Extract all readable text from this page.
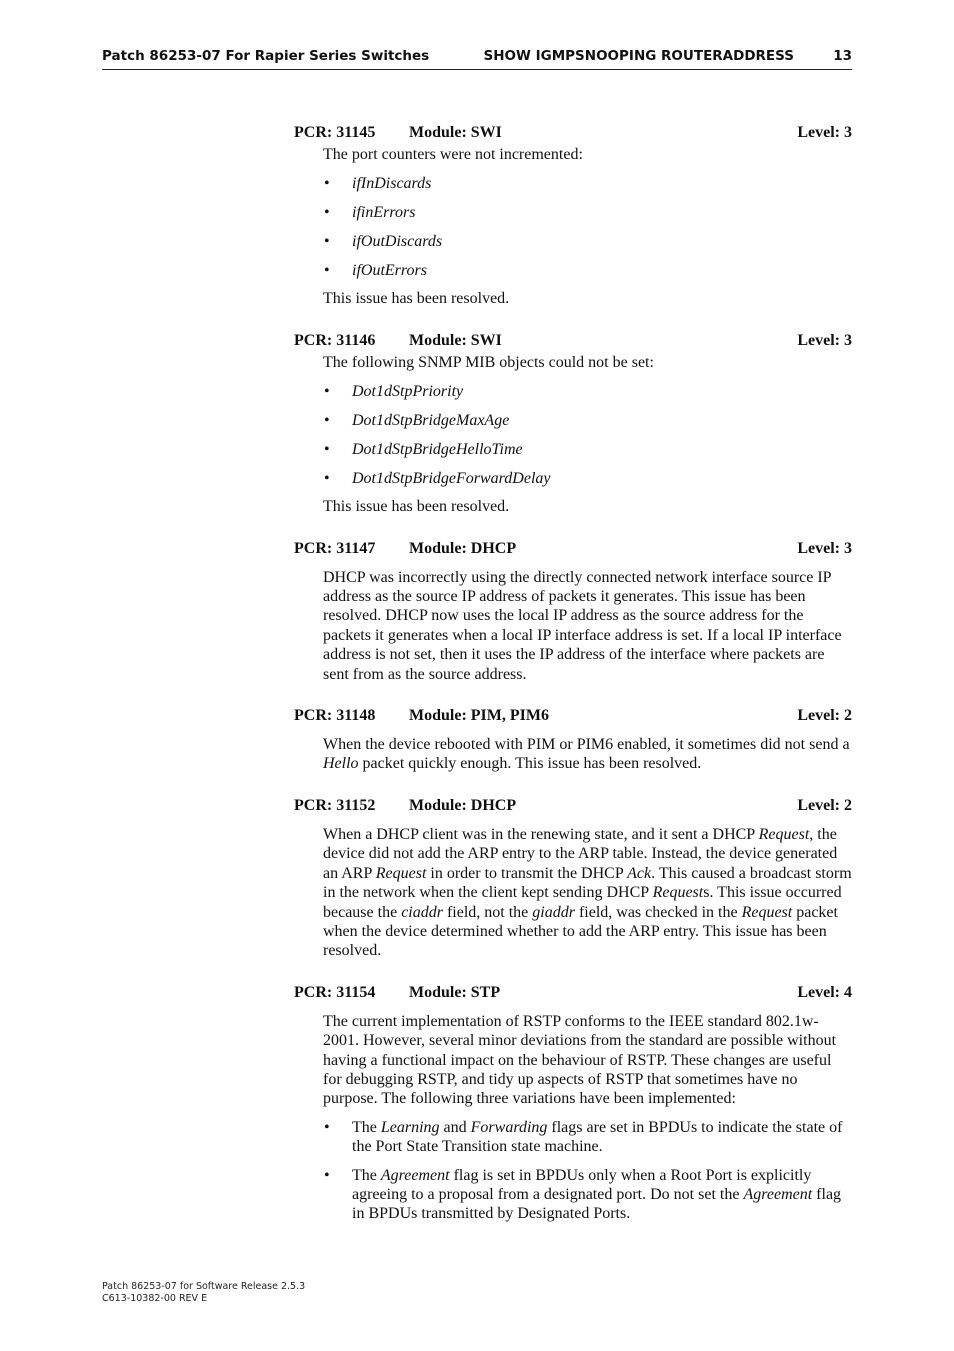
Patch 86253-07 For Rapier Series Switches	SHOW IGMPSNOOPING ROUTERADDRESS	13
PCR: 31145 Module: SWI	Level: 3

The port counters were not incremented:

• ifInDiscards
• ifinErrors
• ifOutDiscards
• ifOutErrors

This issue has been resolved.

PCR: 31146 Module: SWI	Level: 3

The following SNMP MIB objects could not be set:

• Dot1dStpPriority
• Dot1dStpBridgeMaxAge
• Dot1dStpBridgeHelloTime
• Dot1dStpBridgeForwardDelay

This issue has been resolved.

PCR: 31147 Module: DHCP	Level: 3

DHCP was incorrectly using the directly connected network interface source IP address as the source IP address of packets it generates. This issue has been resolved. DHCP now uses the local IP address as the source address for the packets it generates when a local IP interface address is set. If a local IP interface address is not set, then it uses the IP address of the interface where packets are sent from as the source address.

PCR: 31148 Module: PIM, PIM6	Level: 2

When the device rebooted with PIM or PIM6 enabled, it sometimes did not send a Hello packet quickly enough. This issue has been resolved.

PCR: 31152 Module: DHCP	Level: 2

When a DHCP client was in the renewing state, and it sent a DHCP Request, the device did not add the ARP entry to the ARP table. Instead, the device generated an ARP Request in order to transmit the DHCP Ack. This caused a broadcast storm in the network when the client kept sending DHCP Requests. This issue occurred because the ciaddr field, not the giaddr field, was checked in the Request packet when the device determined whether to add the ARP entry. This issue has been resolved.

PCR: 31154 Module: STP	Level: 4

The current implementation of RSTP conforms to the IEEE standard 802.1w-2001. However, several minor deviations from the standard are possible without having a functional impact on the behaviour of RSTP. These changes are useful for debugging RSTP, and tidy up aspects of RSTP that sometimes have no purpose. The following three variations have been implemented:

• The Learning and Forwarding flags are set in BPDUs to indicate the state of the Port State Transition state machine.
• The Agreement flag is set in BPDUs only when a Root Port is explicitly agreeing to a proposal from a designated port. Do not set the Agreement flag in BPDUs transmitted by Designated Ports.
Patch 86253-07 for Software Release 2.5.3
C613-10382-00 REV E
